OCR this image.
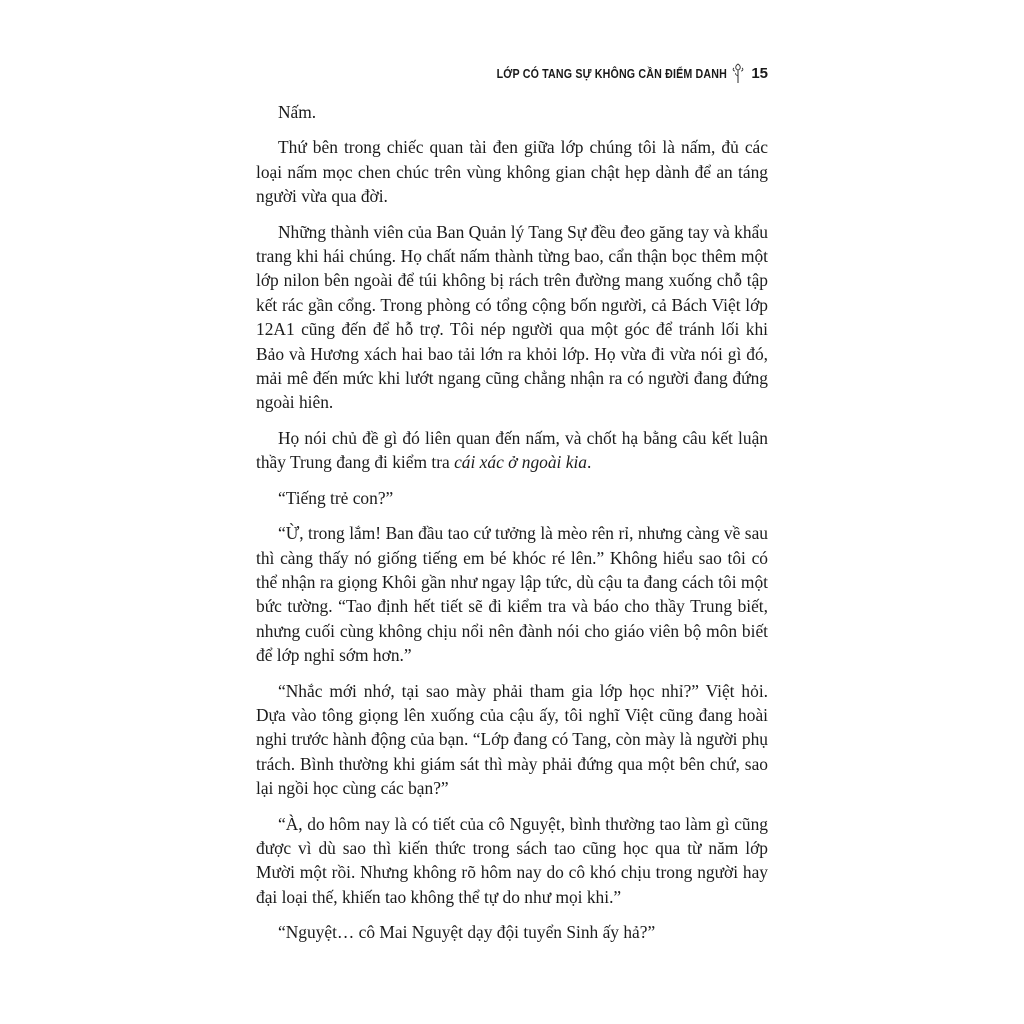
LỚP CÓ TANG SỰ KHÔNG CẦN ĐIỂM DANH 15

Nấm.

Thứ bên trong chiếc quan tài đen giữa lớp chúng tôi là nấm, đủ các loại nấm mọc chen chúc trên vùng không gian chật hẹp dành để an táng người vừa qua đời.

Những thành viên của Ban Quản lý Tang Sự đều đeo găng tay và khẩu trang khi hái chúng. Họ chất nấm thành từng bao, cẩn thận bọc thêm một lớp nilon bên ngoài để túi không bị rách trên đường mang xuống chỗ tập kết rác gần cổng. Trong phòng có tổng cộng bốn người, cả Bách Việt lớp 12A1 cũng đến để hỗ trợ. Tôi nép người qua một góc để tránh lối khi Bảo và Hương xách hai bao tải lớn ra khỏi lớp. Họ vừa đi vừa nói gì đó, mải mê đến mức khi lướt ngang cũng chẳng nhận ra có người đang đứng ngoài hiên.

Họ nói chủ đề gì đó liên quan đến nấm, và chốt hạ bằng câu kết luận thầy Trung đang đi kiểm tra cái xác ở ngoài kia.

“Tiếng trẻ con?”

“Ừ, trong lắm! Ban đầu tao cứ tưởng là mèo rên rỉ, nhưng càng về sau thì càng thấy nó giống tiếng em bé khóc ré lên.” Không hiểu sao tôi có thể nhận ra giọng Khôi gần như ngay lập tức, dù cậu ta đang cách tôi một bức tường. “Tao định hết tiết sẽ đi kiểm tra và báo cho thầy Trung biết, nhưng cuối cùng không chịu nổi nên đành nói cho giáo viên bộ môn biết để lớp nghỉ sớm hơn.”

“Nhắc mới nhớ, tại sao mày phải tham gia lớp học nhỉ?” Việt hỏi. Dựa vào tông giọng lên xuống của cậu ấy, tôi nghĩ Việt cũng đang hoài nghi trước hành động của bạn. “Lớp đang có Tang, còn mày là người phụ trách. Bình thường khi giám sát thì mày phải đứng qua một bên chứ, sao lại ngồi học cùng các bạn?”

“À, do hôm nay là có tiết của cô Nguyệt, bình thường tao làm gì cũng được vì dù sao thì kiến thức trong sách tao cũng học qua từ năm lớp Mười một rồi. Nhưng không rõ hôm nay do cô khó chịu trong người hay đại loại thế, khiến tao không thể tự do như mọi khi.”

“Nguyệt… cô Mai Nguyệt dạy đội tuyển Sinh ấy hả?”
